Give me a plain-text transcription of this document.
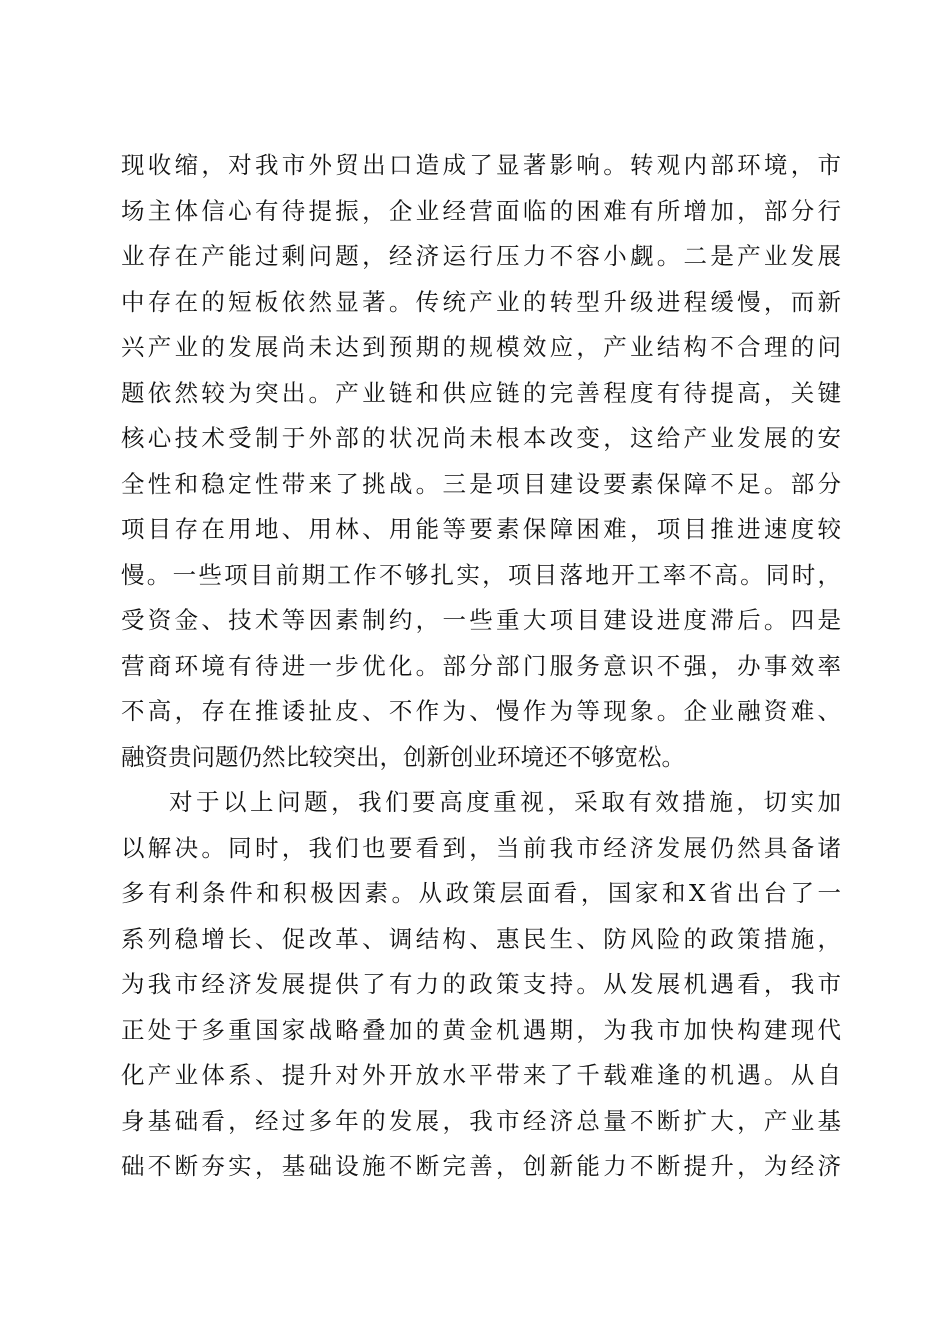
现收缩，对我市外贸出口造成了显著影响。转观内部环境，市
场主体信心有待提振，企业经营面临的困难有所增加，部分行
业存在产能过剩问题，经济运行压力不容小觑。二是产业发展
中存在的短板依然显著。传统产业的转型升级进程缓慢，而新
兴产业的发展尚未达到预期的规模效应，产业结构不合理的问
题依然较为突出。产业链和供应链的完善程度有待提高，关键
核心技术受制于外部的状况尚未根本改变，这给产业发展的安
全性和稳定性带来了挑战。三是项目建设要素保障不足。部分
项目存在用地、用林、用能等要素保障困难，项目推进速度较
慢。一些项目前期工作不够扎实，项目落地开工率不高。同时，
受资金、技术等因素制约，一些重大项目建设进度滞后。四是
营商环境有待进一步优化。部分部门服务意识不强，办事效率
不高，存在推诿扯皮、不作为、慢作为等现象。企业融资难、
融资贵问题仍然比较突出，创新创业环境还不够宽松。
对于以上问题，我们要高度重视，采取有效措施，切实加
以解决。同时，我们也要看到，当前我市经济发展仍然具备诸
多有利条件和积极因素。从政策层面看，国家和X省出台了一
系列稳增长、促改革、调结构、惠民生、防风险的政策措施，
为我市经济发展提供了有力的政策支持。从发展机遇看，我市
正处于多重国家战略叠加的黄金机遇期，为我市加快构建现代
化产业体系、提升对外开放水平带来了千载难逢的机遇。从自
身基础看，经过多年的发展，我市经济总量不断扩大，产业基
础不断夯实，基础设施不断完善，创新能力不断提升，为经济
